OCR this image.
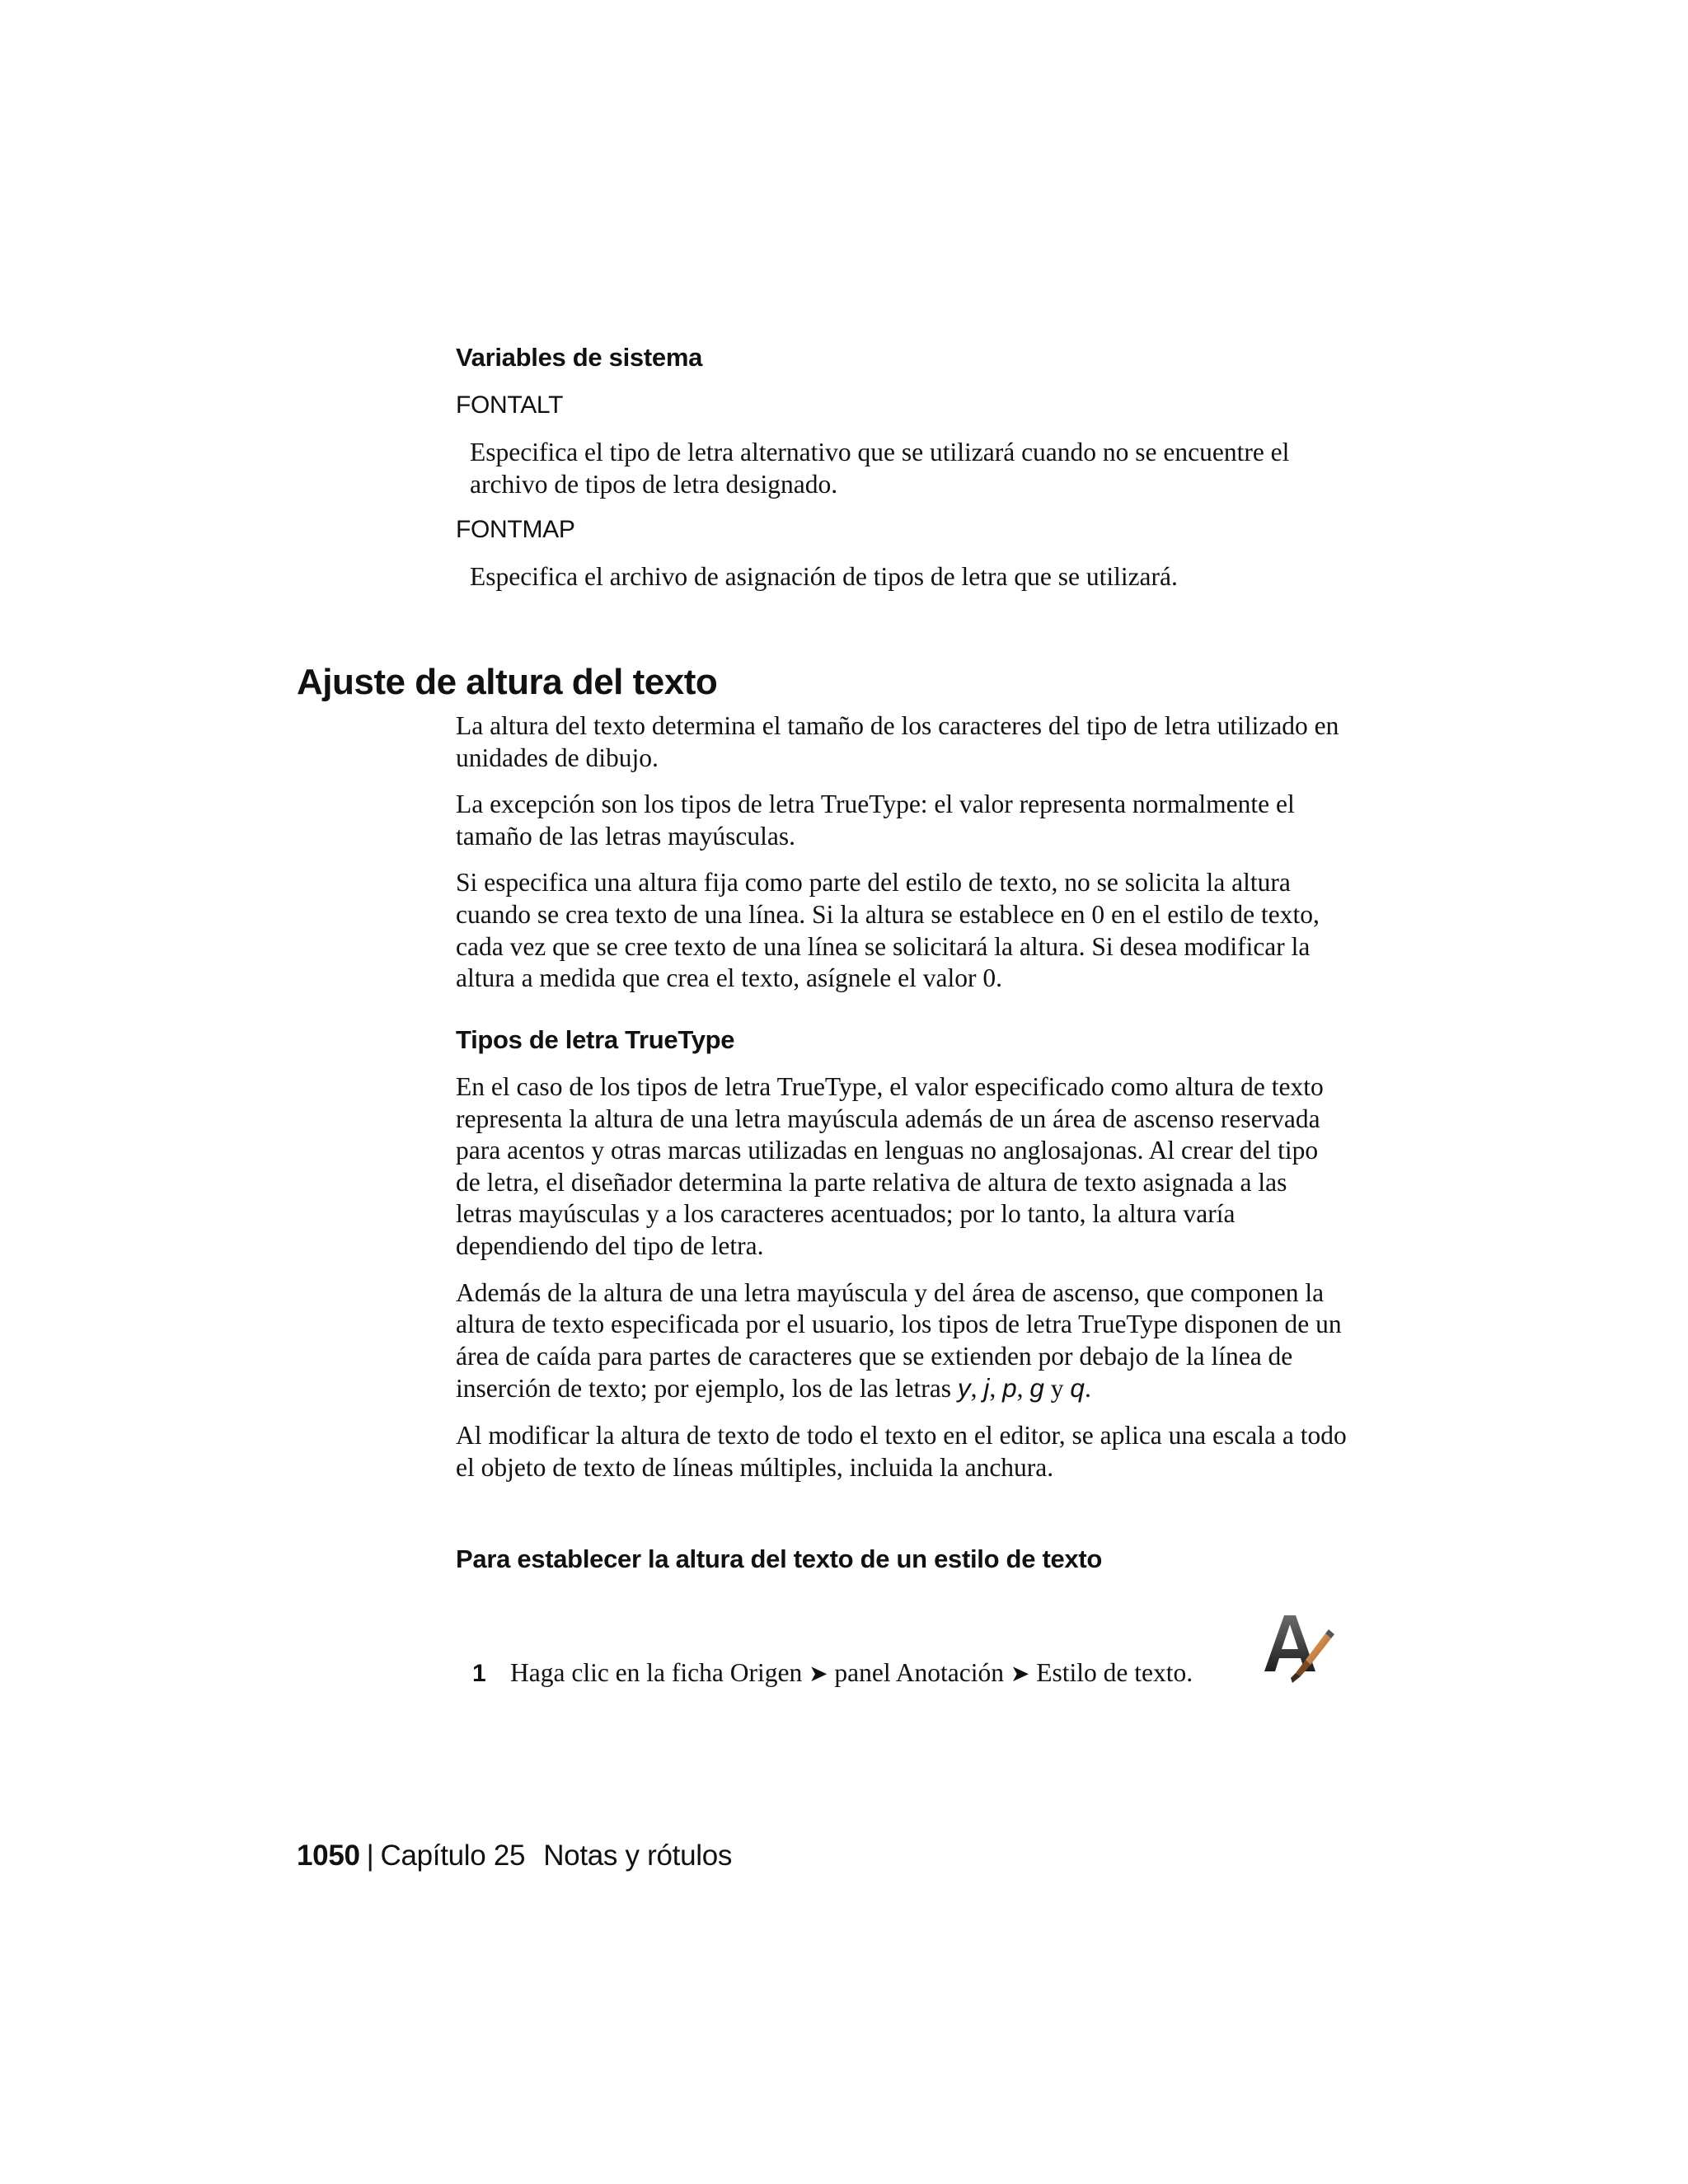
Variables de sistema

FONTALT

Especifica el tipo de letra alternativo que se utilizará cuando no se encuentre el archivo de tipos de letra designado.

FONTMAP

Especifica el archivo de asignación de tipos de letra que se utilizará.

Ajuste de altura del texto

La altura del texto determina el tamaño de los caracteres del tipo de letra utilizado en unidades de dibujo.

La excepción son los tipos de letra TrueType: el valor representa normalmente el tamaño de las letras mayúsculas.

Si especifica una altura fija como parte del estilo de texto, no se solicita la altura cuando se crea texto de una línea. Si la altura se establece en 0 en el estilo de texto, cada vez que se cree texto de una línea se solicitará la altura. Si desea modificar la altura a medida que crea el texto, asígnele el valor 0.

Tipos de letra TrueType

En el caso de los tipos de letra TrueType, el valor especificado como altura de texto representa la altura de una letra mayúscula además de un área de ascenso reservada para acentos y otras marcas utilizadas en lenguas no anglosajonas. Al crear del tipo de letra, el diseñador determina la parte relativa de altura de texto asignada a las letras mayúsculas y a los caracteres acentuados; por lo tanto, la altura varía dependiendo del tipo de letra.

Además de la altura de una letra mayúscula y del área de ascenso, que componen la altura de texto especificada por el usuario, los tipos de letra TrueType disponen de un área de caída para partes de caracteres que se extienden por debajo de la línea de inserción de texto; por ejemplo, los de las letras y, j, p, g y q.

Al modificar la altura de texto de todo el texto en el editor, se aplica una escala a todo el objeto de texto de líneas múltiples, incluida la anchura.

Para establecer la altura del texto de un estilo de texto

1 Haga clic en la ficha Origen ➤ panel Anotación ➤ Estilo de texto.
1050 | Capítulo 25 Notas y rótulos
